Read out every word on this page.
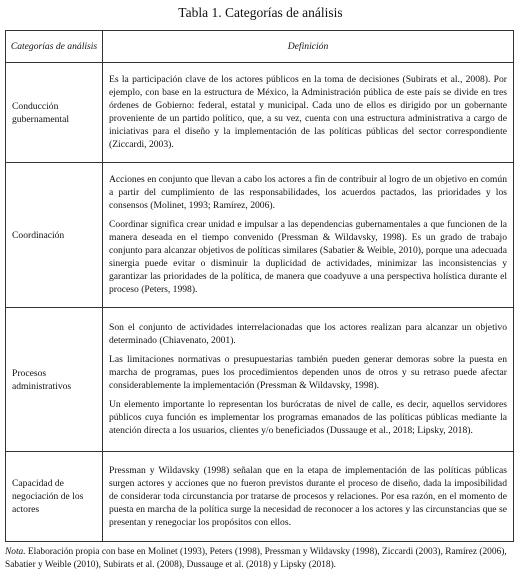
Tabla 1. Categorías de análisis
Categorías de análisis	Definición
Conducción gubernamental	Es la participación clave de los actores públicos en la toma de decisiones (Subirats et al., 2008). Por ejemplo, con base en la estructura de México, la Administración pública de este país se divide en tres órdenes de Gobierno: federal, estatal y municipal. Cada uno de ellos es dirigido por un gobernante proveniente de un partido político, que, a su vez, cuenta con una estructura administrativa a cargo de iniciativas para el diseño y la implementación de las políticas públicas del sector correspondiente (Ziccardi, 2003).

Coordinación	Acciones en conjunto que llevan a cabo los actores a fin de contribuir al logro de un objetivo en común a partir del cumplimiento de las responsabilidades, los acuerdos pactados, las prioridades y los consensos (Molinet, 1993; Ramírez, 2006).

Coordinar significa crear unidad e impulsar a las dependencias gubernamentales a que funcionen de la manera deseada en el tiempo convenido (Pressman & Wildavsky, 1998). Es un grado de trabajo conjunto para alcanzar objetivos de políticas similares (Sabatier & Weible, 2010), porque una adecuada sinergia puede evitar o disminuir la duplicidad de actividades, minimizar las inconsistencias y garantizar las prioridades de la política, de manera que coadyuve a una perspectiva holística durante el proceso (Peters, 1998).

Procesos administrativos	Son el conjunto de actividades interrelacionadas que los actores realizan para alcanzar un objetivo determinado (Chiavenato, 2001).

Las limitaciones normativas o presupuestarias también pueden generar demoras sobre la puesta en marcha de programas, pues los procedimientos dependen unos de otros y su retraso puede afectar considerablemente la implementación (Pressman & Wildavsky, 1998).

Un elemento importante lo representan los burócratas de nivel de calle, es decir, aquellos servidores públicos cuya función es implementar los programas emanados de las políticas públicas mediante la atención directa a los usuarios, clientes y/o beneficiados (Dussauge et al., 2018; Lipsky, 2018).

Capacidad de negociación de los actores	Pressman y Wildavsky (1998) señalan que en la etapa de implementación de las políticas públicas surgen actores y acciones que no fueron previstos durante el proceso de diseño, dada la imposibilidad de considerar toda circunstancia por tratarse de procesos y relaciones. Por esa razón, en el momento de puesta en marcha de la política surge la necesidad de reconocer a los actores y las circunstancias que se presentan y renegociar los propósitos con ellos.

Nota. Elaboración propia con base en Molinet (1993), Peters (1998), Pressman y Wildavsky (1998), Ziccardi (2003), Ramírez (2006), Sabatier y Weible (2010), Subirats et al. (2008), Dussauge et al. (2018) y Lipsky (2018).
